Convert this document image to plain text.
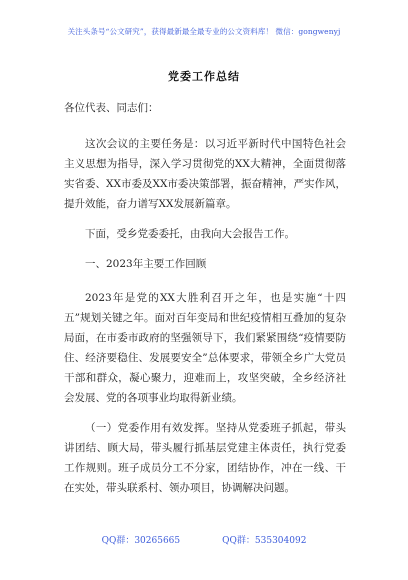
关注头条号“公文研究”，获得最新最全最专业的公文资料库！ 微信：gongwenyj
党委工作总结

各位代表、同志们：

这次会议的主要任务是：以习近平新时代中国特色社会主义思想为指导，深入学习贯彻党的XX大精神，全面贯彻落实省委、XX市委及XX市委决策部署，振奋精神，严实作风，提升效能，奋力谱写XX发展新篇章。

下面，受乡党委委托，由我向大会报告工作。

一、2023年主要工作回顾

2023年是党的XX大胜利召开之年，也是实施“十四五”规划关键之年。面对百年变局和世纪疫情相互叠加的复杂局面，在市委市政府的坚强领导下，我们紧紧围绕“疫情要防住、经济要稳住、发展要安全”总体要求，带领全乡广大党员干部和群众，凝心聚力，迎难而上，攻坚突破，全乡经济社会发展、党的各项事业均取得新业绩。

（一）党委作用有效发挥。坚持从党委班子抓起，带头讲团结、顾大局，带头履行抓基层党建主体责任，执行党委工作规则。班子成员分工不分家，团结协作，冲在一线、干在实处，带头联系村、领办项目，协调解决问题。

QQ群：30265665	QQ群：535304092
